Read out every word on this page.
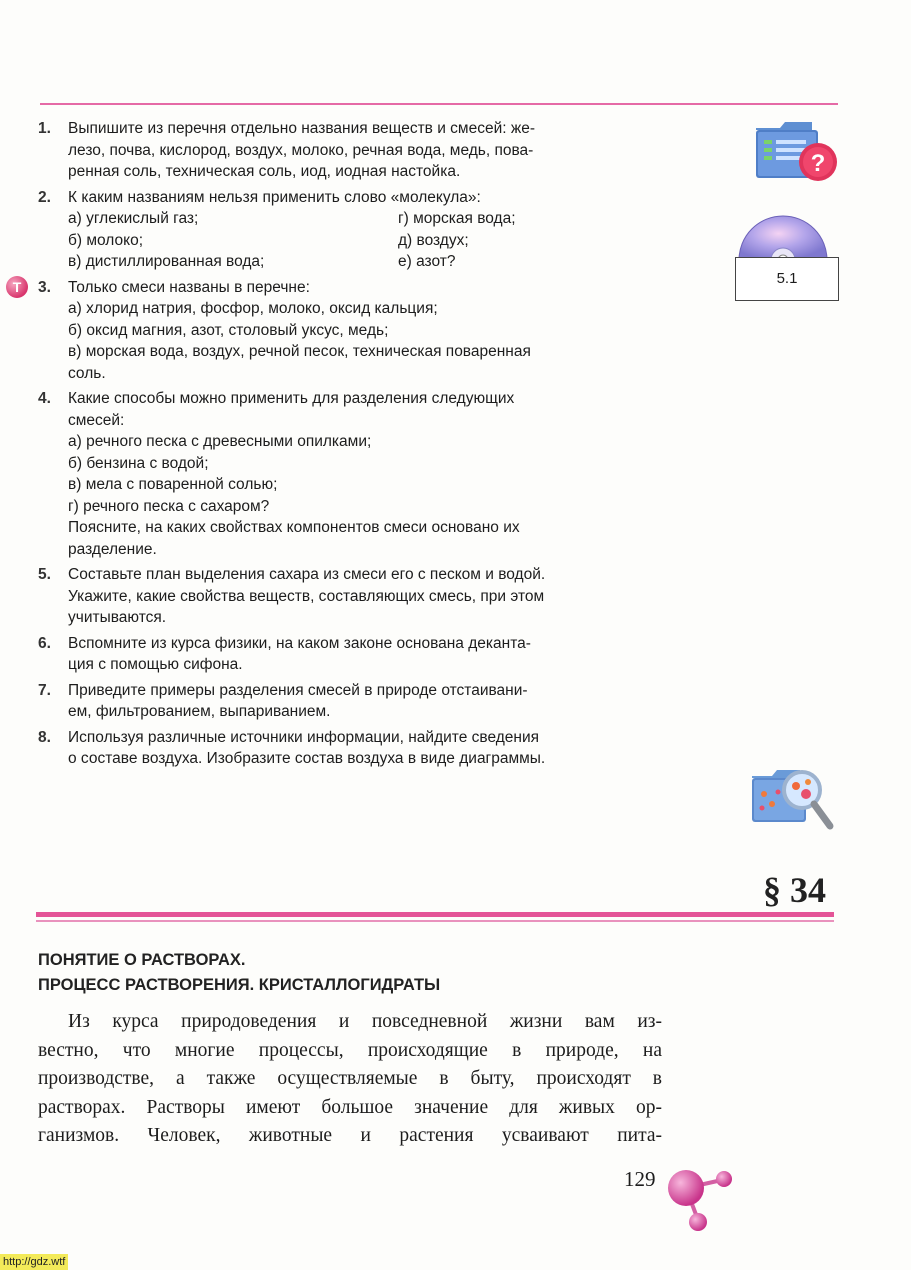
1. Выпишите из перечня отдельно названия веществ и смесей: же-
лезо, почва, кислород, воздух, молоко, речная вода, медь, пова-
ренная соль, техническая соль, иод, иодная настойка.

2. К каким названиям нельзя применить слово «молекула»:

а) углекислый газ;	г) морская вода;
б) молоко;	д) воздух;
в) дистиллированная вода;	е) азот?
T	3. Только смеси названы в перечне:
а) хлорид натрия, фосфор, молоко, оксид кальция;
б) оксид магния, азот, столовый уксус, медь;
в) морская вода, воздух, речной песок, техническая поваренная
соль.

4. Какие способы можно применить для разделения следующих
смесей:
а) речного песка с древесными опилками;
б) бензина с водой;
в) мела с поваренной солью;
г) речного песка с сахаром?
Поясните, на каких свойствах компонентов смеси основано их
разделение.

5. Составьте план выделения сахара из смеси его с песком и водой.
Укажите, какие свойства веществ, составляющих смесь, при этом
учитываются.

6. Вспомните из курса физики, на каком законе основана деканта-
ция с помощью сифона.

7. Приведите примеры разделения смесей в природе отстаивани-
ем, фильтрованием, выпариванием.

8. Используя различные источники информации, найдите сведения
о составе воздуха. Изобразите состав воздуха в виде диаграммы.

?
5.1
§ 34
ПОНЯТИЕ О РАСТВОРАХ.
ПРОЦЕСС РАСТВОРЕНИЯ. КРИСТАЛЛОГИДРАТЫ
Из курса природоведения и повседневной жизни вам из-
вестно, что многие процессы, происходящие в природе, на
производстве, а также осуществляемые в быту, происходят в
растворах. Растворы имеют большое значение для живых ор-
ганизмов. Человек, животные и растения усваивают пита-
129
http://gdz.wtf
